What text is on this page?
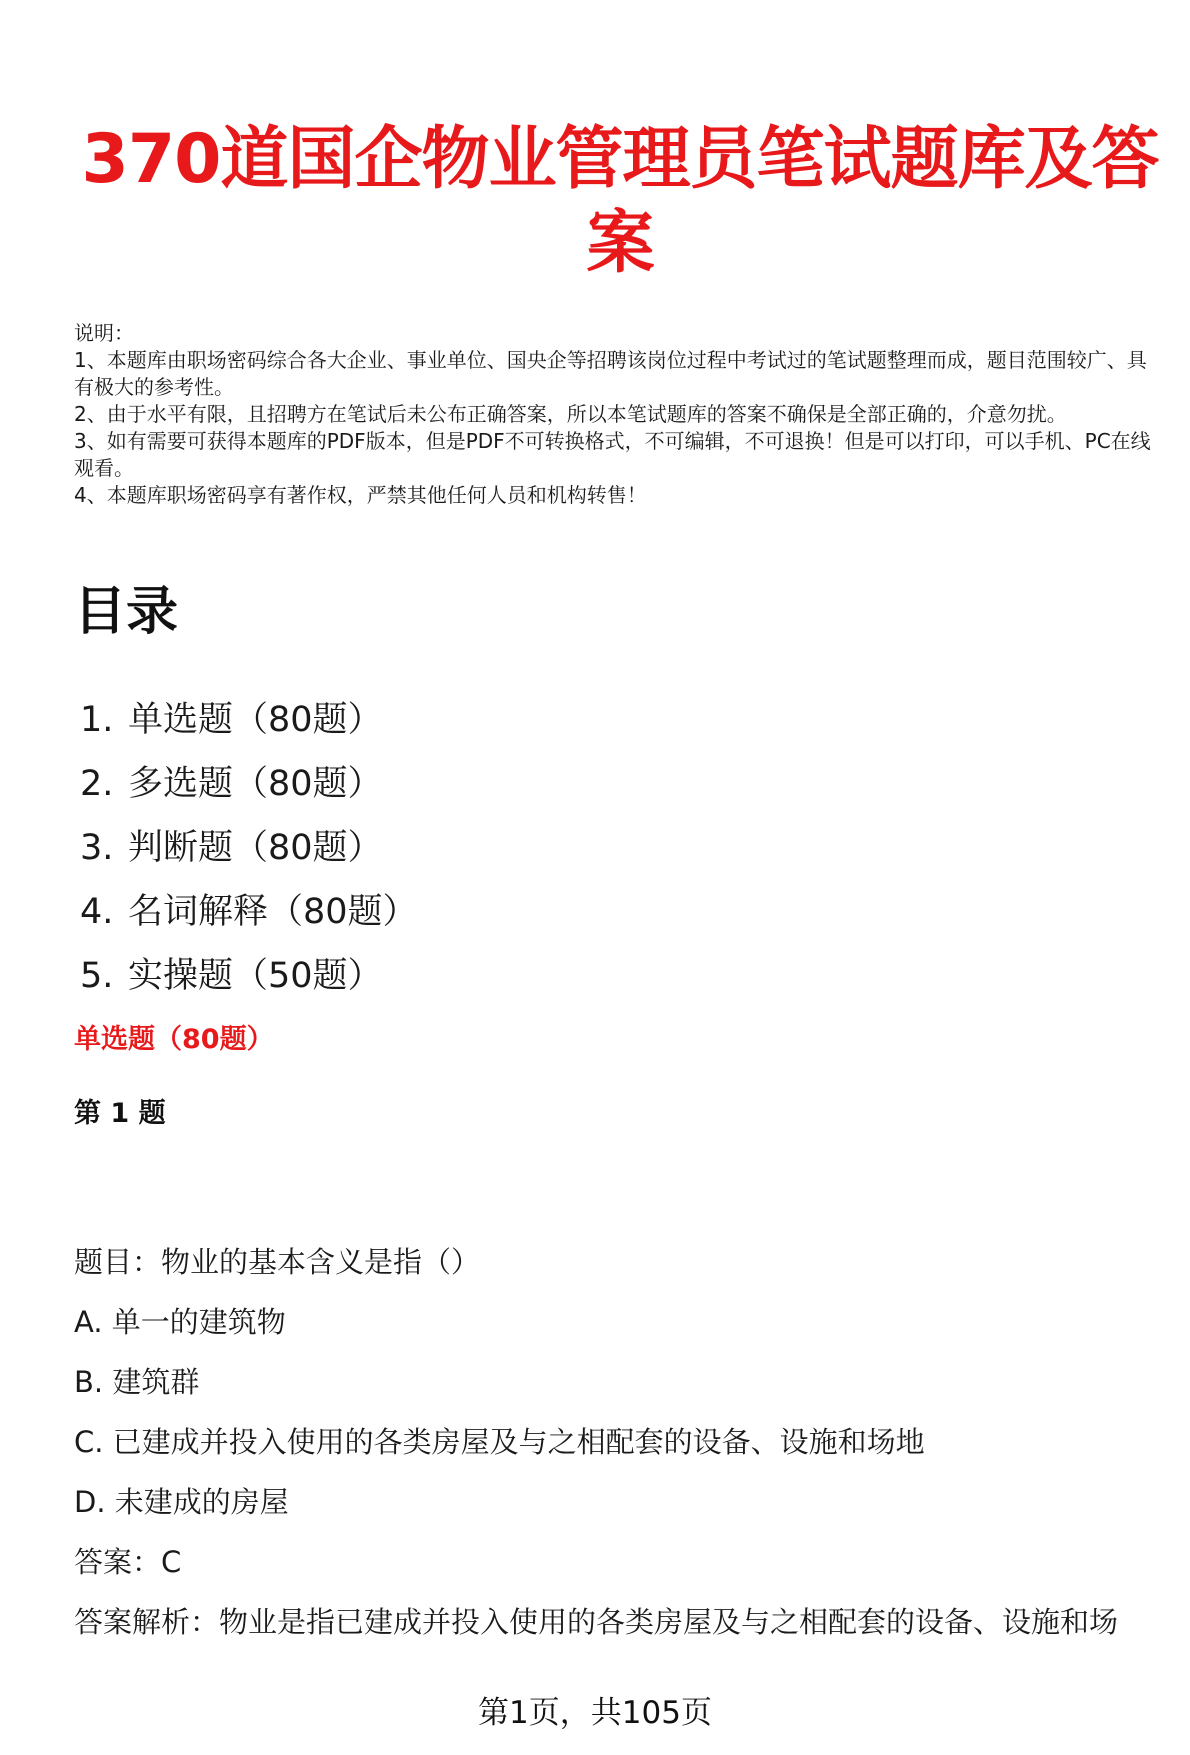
370道国企物业管理员笔试题库及答案

说明：

1、本题库由职场密码综合各大企业、事业单位、国央企等招聘该岗位过程中考试过的笔试题整理而成，题目范围较广、具有极大的参考性。

2、由于水平有限，且招聘方在笔试后未公布正确答案，所以本笔试题库的答案不确保是全部正确的，介意勿扰。

3、如有需要可获得本题库的PDF版本，但是PDF不可转换格式，不可编辑，不可退换！但是可以打印，可以手机、PC在线观看。

4、本题库职场密码享有著作权，严禁其他任何人员和机构转售！

目录
1. 单选题（80题）
2. 多选题（80题）
3. 判断题（80题）
4. 名词解释（80题）
5. 实操题（50题）
单选题（80题）
第 1 题
题目：物业的基本含义是指（）
A. 单一的建筑物
B. 建筑群
C. 已建成并投入使用的各类房屋及与之相配套的设备、设施和场地
D. 未建成的房屋
答案：C
答案解析：物业是指已建成并投入使用的各类房屋及与之相配套的设备、设施和场
第1页，共105页
